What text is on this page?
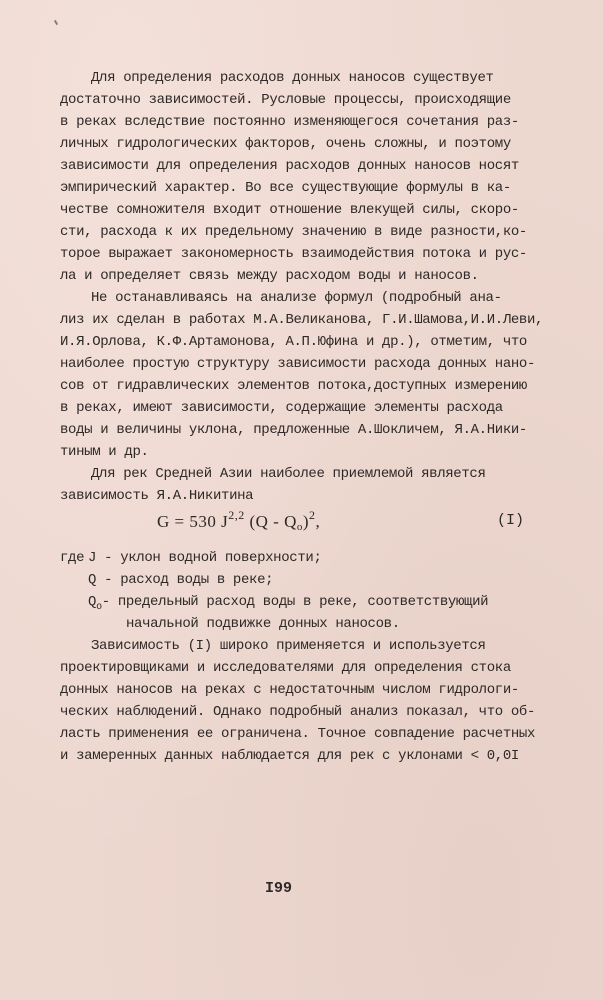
Для определения расходов донных наносов существует
достаточно зависимостей. Русловые процессы, происходящие
в реках вследствие постоянно изменяющегося сочетания раз-
личных гидрологических факторов, очень сложны, и поэтому
зависимости для определения расходов донных наносов носят
эмпирический характер. Во все существующие формулы в ка-
честве сомножителя входит отношение влекущей силы, скоро-
сти, расхода к их предельному значению в виде разности,ко-
торое выражает закономерность взаимодействия потока и рус-
ла и определяет связь между расходом воды и наносов.
Не останавливаясь на анализе формул (подробный ана-
лиз их сделан в работах М.А.Великанова, Г.И.Шамова,И.И.Леви,
И.Я.Орлова, К.Ф.Артамонова, А.П.Юфина и др.), отметим, что
наиболее простую структуру зависимости расхода донных нано-
сов от гидравлических элементов потока,доступных измерению
в реках, имеют зависимости, содержащие элементы расхода
воды и величины уклона, предложенные А.Шокличем, Я.А.Ники-
тиным и др.
Для рек Средней Азии наиболее приемлемой является
зависимость Я.А.Никитина
G = 530 J$^{2,2}$ $(Q - Q_o)^2$,	(I)
где J - уклон водной поверхности;
Q - расход воды в реке;
$Q_o-$ предельный расход воды в реке, соответствующий
начальной подвижке донных наносов.
Зависимость (I) широко применяется и используется
проектировщиками и исследователями для определения стока
донных наносов на реках с недостаточным числом гидрологи-
ческих наблюдений. Однако подробный анализ показал, что об-
ласть применения ее ограничена. Точное совпадение расчетных
и замеренных данных наблюдается для рек с уклонами < 0,0I
I99
